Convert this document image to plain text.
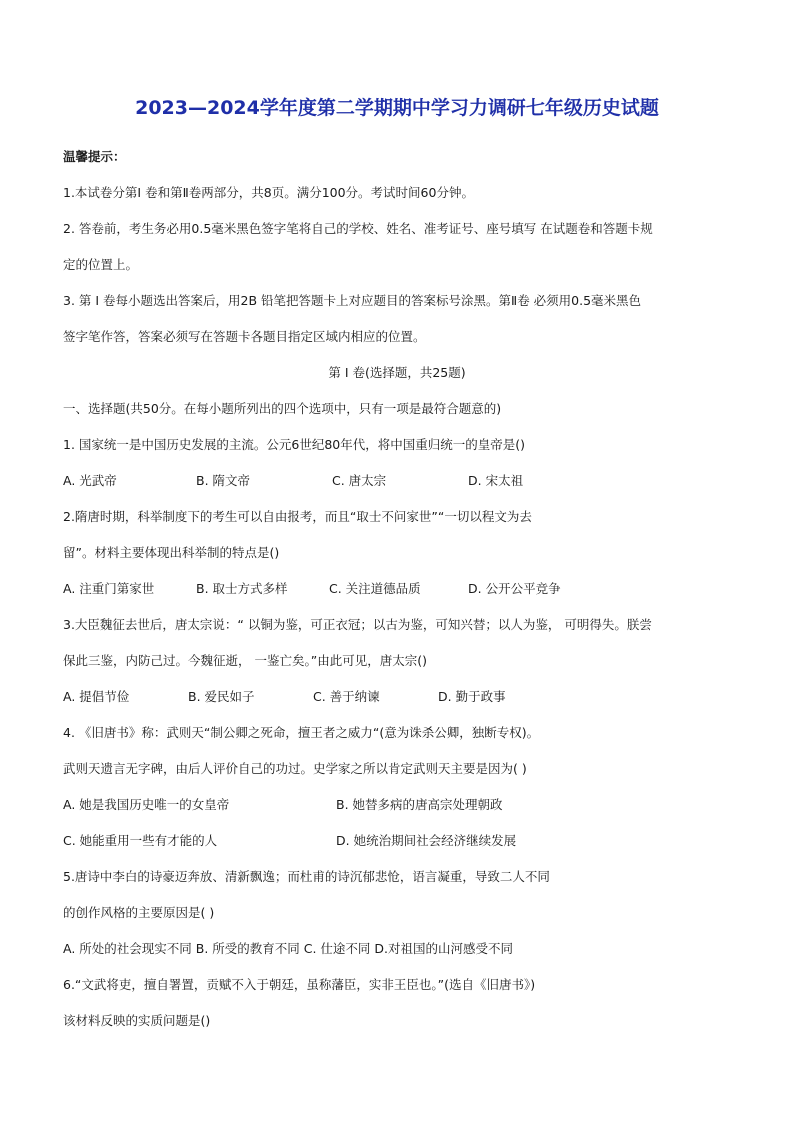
2023—2024学年度第二学期期中学习力调研七年级历史试题
温馨提示：
1.本试卷分第Ⅰ 卷和第Ⅱ卷两部分，共8页。满分100分。考试时间60分钟。
2. 答卷前，考生务必用0.5毫米黑色签字笔将自己的学校、姓名、准考证号、座号填写 在试题卷和答题卡规
定的位置上。
3. 第 Ⅰ 卷每小题选出答案后，用2B 铅笔把答题卡上对应题目的答案标号涂黑。第Ⅱ卷 必须用0.5毫米黑色
签字笔作答，答案必须写在答题卡各题目指定区域内相应的位置。
第 Ⅰ 卷(选择题，共25题)
一、选择题(共50分。在每小题所列出的四个选项中，只有一项是最符合题意的)
1. 国家统一是中国历史发展的主流。公元6世纪80年代，将中国重归统一的皇帝是()
A. 光武帝	B. 隋文帝	C. 唐太宗	D. 宋太祖
2.隋唐时期，科举制度下的考生可以自由报考，而且“取士不问家世”“一切以程文为去
留”。材料主要体现出科举制的特点是()
A. 注重门第家世	B. 取士方式多样	C. 关注道德品质	D. 公开公平竞争
3.大臣魏征去世后，唐太宗说：“ 以铜为鉴，可正衣冠；以古为鉴，可知兴替；以人为鉴， 可明得失。朕尝
保此三鉴，内防己过。今魏征逝， 一鉴亡矣。”由此可见，唐太宗()
A. 提倡节俭	B. 爱民如子	C. 善于纳谏	D. 勤于政事
4. 《旧唐书》称：武则天“制公卿之死命，擅王者之威力“(意为诛杀公卿，独断专权)。
武则天遗言无字碑，由后人评价自己的功过。史学家之所以肯定武则天主要是因为( )
A. 她是我国历史唯一的女皇帝	B. 她替多病的唐高宗处理朝政
C. 她能重用一些有才能的人	D. 她统治期间社会经济继续发展
5.唐诗中李白的诗豪迈奔放、清新飘逸；而杜甫的诗沉郁悲怆，语言凝重，导致二人不同
的创作风格的主要原因是( )
A. 所处的社会现实不同 B. 所受的教育不同 C. 仕途不同 D.对祖国的山河感受不同
6.“文武将吏，擅自署置，贡赋不入于朝廷，虽称藩臣，实非王臣也。”(选自《旧唐书》)
该材料反映的实质问题是()
